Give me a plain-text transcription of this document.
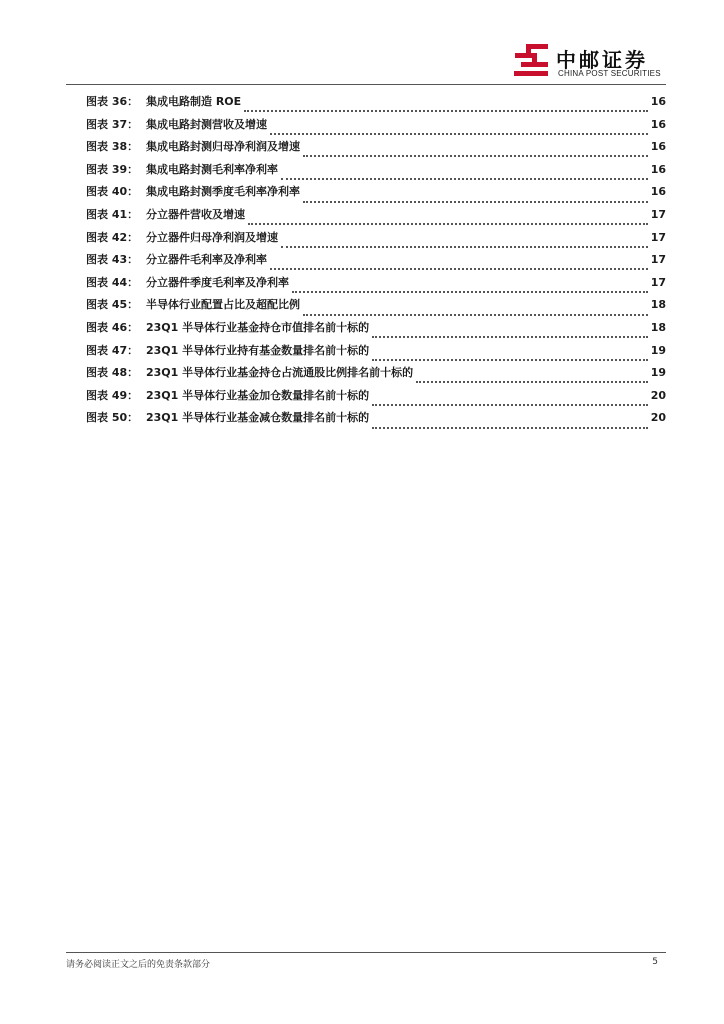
中邮证券
CHINA POST SECURITIES
图表 36： 集成电路制造 ROE	16
图表 37： 集成电路封测营收及增速	16
图表 38： 集成电路封测归母净利润及增速	16
图表 39： 集成电路封测毛利率净利率	16
图表 40： 集成电路封测季度毛利率净利率	16
图表 41： 分立器件营收及增速	17
图表 42： 分立器件归母净利润及增速	17
图表 43： 分立器件毛利率及净利率	17
图表 44： 分立器件季度毛利率及净利率	17
图表 45： 半导体行业配置占比及超配比例	18
图表 46： 23Q1 半导体行业基金持仓市值排名前十标的	18
图表 47： 23Q1 半导体行业持有基金数量排名前十标的	19
图表 48： 23Q1 半导体行业基金持仓占流通股比例排名前十标的	19
图表 49： 23Q1 半导体行业基金加仓数量排名前十标的	20
图表 50： 23Q1 半导体行业基金减仓数量排名前十标的	20
请务必阅读正文之后的免责条款部分	5
